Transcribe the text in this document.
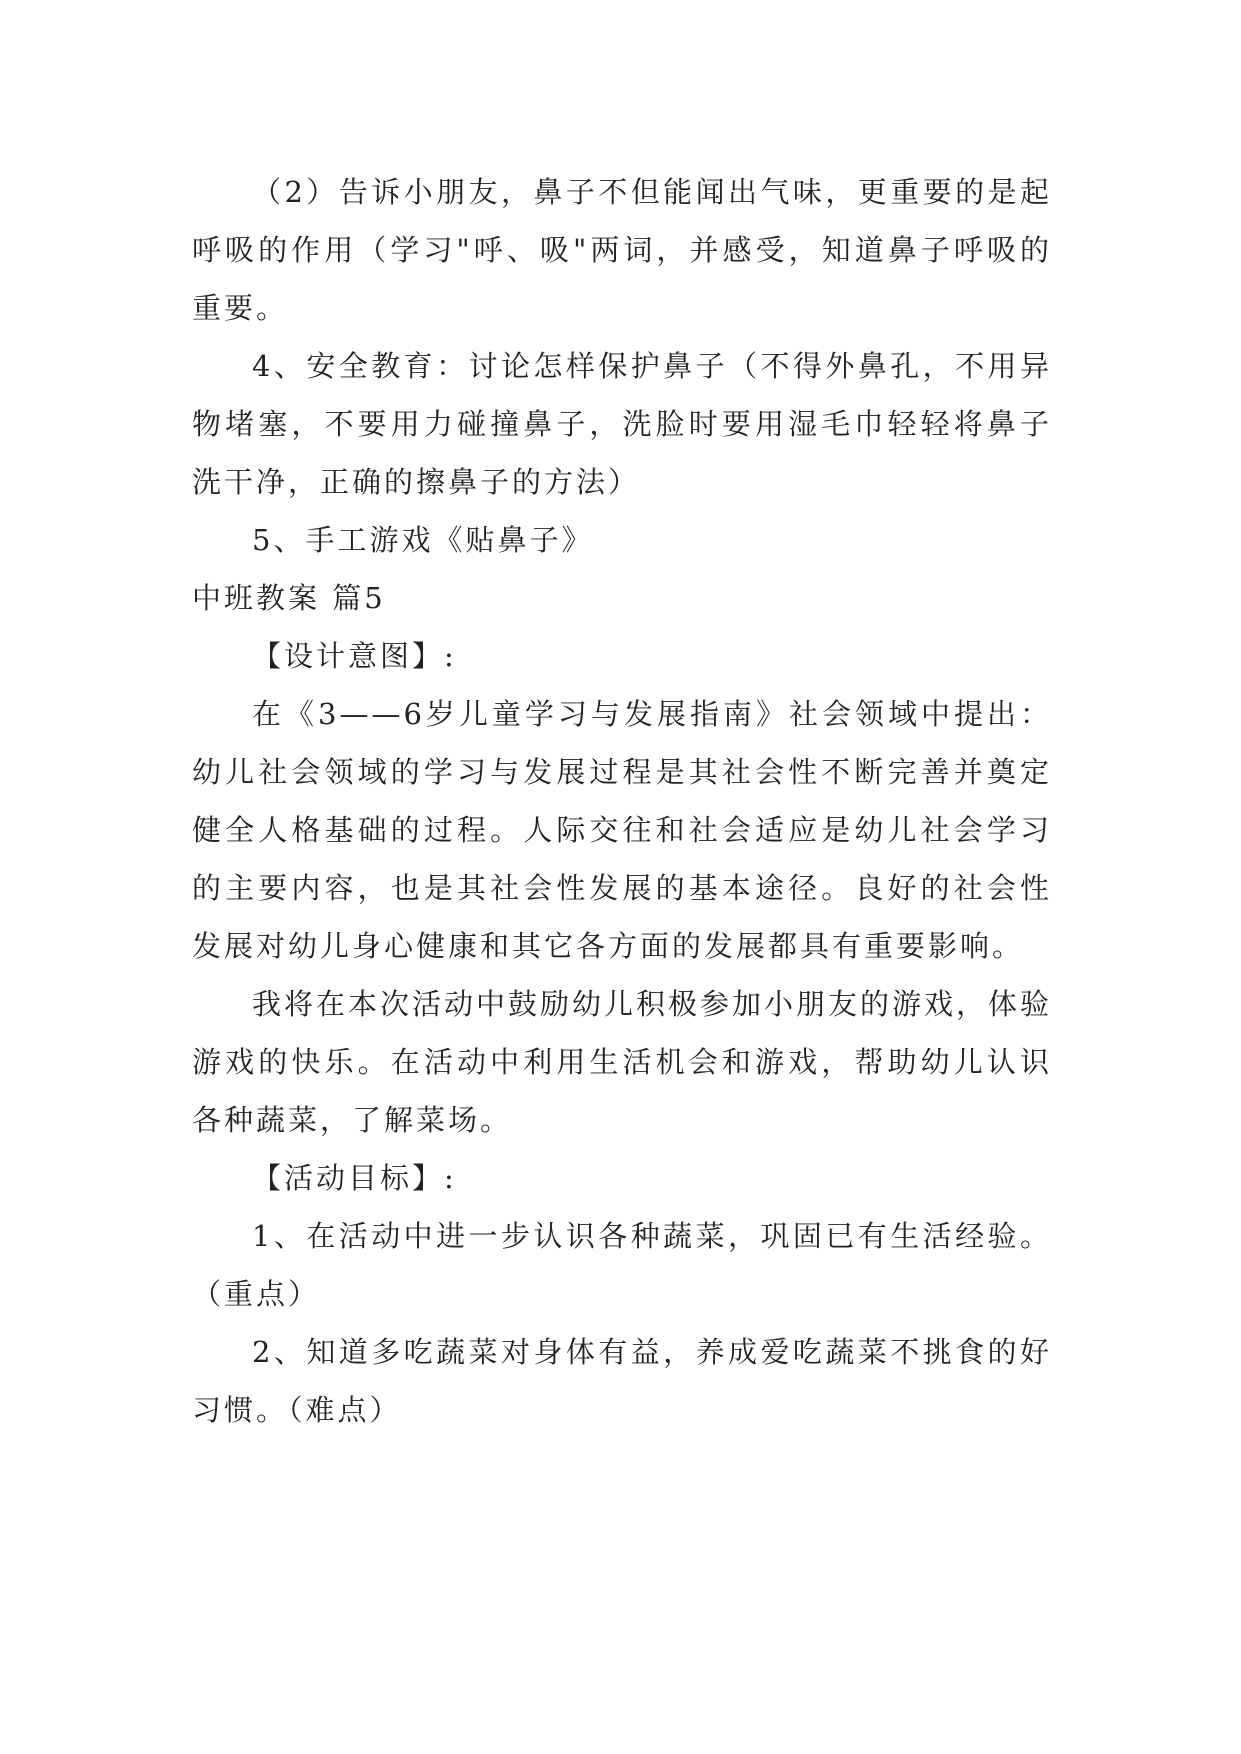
（2）告诉小朋友，鼻子不但能闻出气味，更重要的是起呼吸的作用（学习"呼、吸"两词，并感受，知道鼻子呼吸的重要。

4、安全教育：讨论怎样保护鼻子（不得外鼻孔，不用异物堵塞，不要用力碰撞鼻子，洗脸时要用湿毛巾轻轻将鼻子洗干净，正确的擦鼻子的方法）

5、手工游戏《贴鼻子》

中班教案 篇5

【设计意图】:

在《3——6岁儿童学习与发展指南》社会领域中提出：幼儿社会领域的学习与发展过程是其社会性不断完善并奠定健全人格基础的过程。人际交往和社会适应是幼儿社会学习的主要内容，也是其社会性发展的基本途径。良好的社会性发展对幼儿身心健康和其它各方面的发展都具有重要影响。

我将在本次活动中鼓励幼儿积极参加小朋友的游戏，体验游戏的快乐。在活动中利用生活机会和游戏，帮助幼儿认识各种蔬菜，了解菜场。

【活动目标】:

1、在活动中进一步认识各种蔬菜，巩固已有生活经验。（重点）

2、知道多吃蔬菜对身体有益，养成爱吃蔬菜不挑食的好习惯。（难点）
